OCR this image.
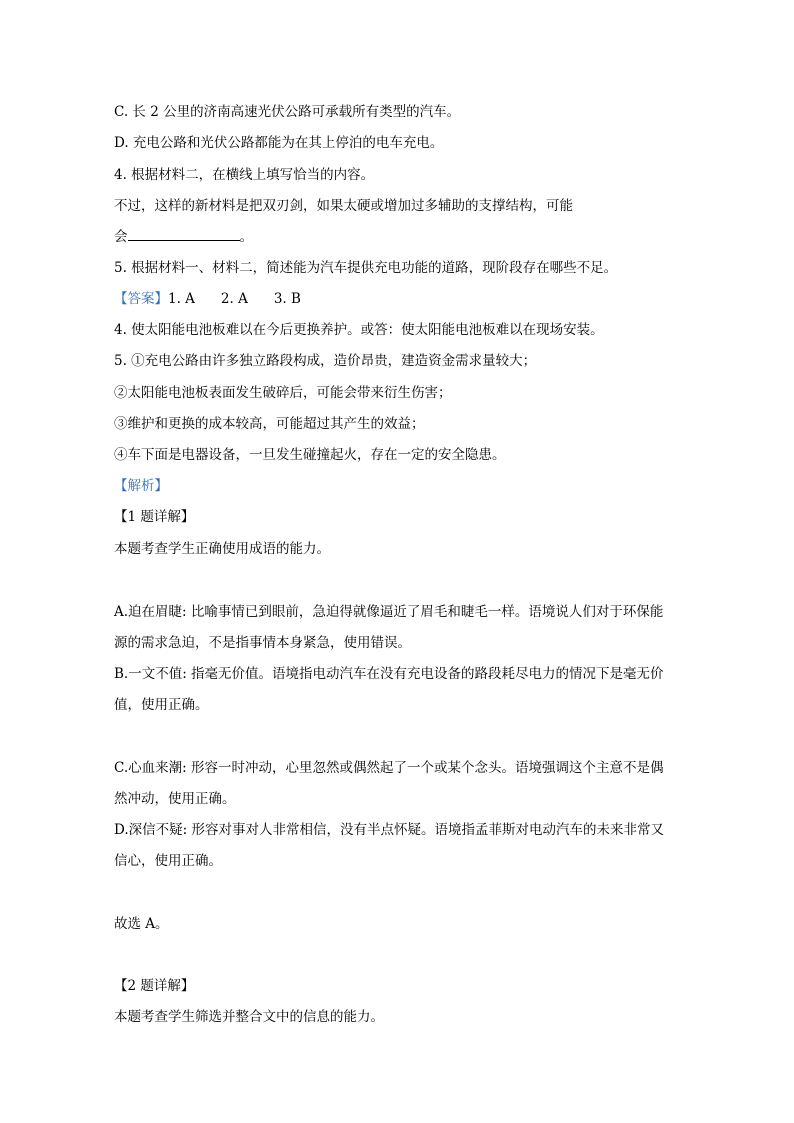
C. 长 2 公里的济南高速光伏公路可承载所有类型的汽车。
D. 充电公路和光伏公路都能为在其上停泊的电车充电。
4. 根据材料二，在横线上填写恰当的内容。
不过，这样的新材料是把双刃剑，如果太硬或增加过多辅助的支撑结构，可能
会	。
5. 根据材料一、材料二，简述能为汽车提供充电功能的道路，现阶段存在哪些不足。
【答案】1. A 2. A 3. B
4. 使太阳能电池板难以在今后更换养护。或答：使太阳能电池板难以在现场安装。
5. ①充电公路由许多独立路段构成，造价昂贵，建造资金需求量较大；
②太阳能电池板表面发生破碎后，可能会带来衍生伤害；
③维护和更换的成本较高，可能超过其产生的效益；
④车下面是电器设备，一旦发生碰撞起火，存在一定的安全隐患。
【解析】
【1 题详解】
本题考查学生正确使用成语的能力。
A.迫在眉睫: 比喻事情已到眼前，急迫得就像逼近了眉毛和睫毛一样。语境说人们对于环保能
源的需求急迫，不是指事情本身紧急，使用错误。
B.一文不值: 指毫无价值。语境指电动汽车在没有充电设备的路段耗尽电力的情况下是毫无价
值，使用正确。
C.心血来潮: 形容一时冲动，心里忽然或偶然起了一个或某个念头。语境强调这个主意不是偶
然冲动，使用正确。
D.深信不疑: 形容对事对人非常相信，没有半点怀疑。语境指孟菲斯对电动汽车的未来非常又
信心，使用正确。
故选 A。
【2 题详解】
本题考查学生筛选并整合文中的信息的能力。
